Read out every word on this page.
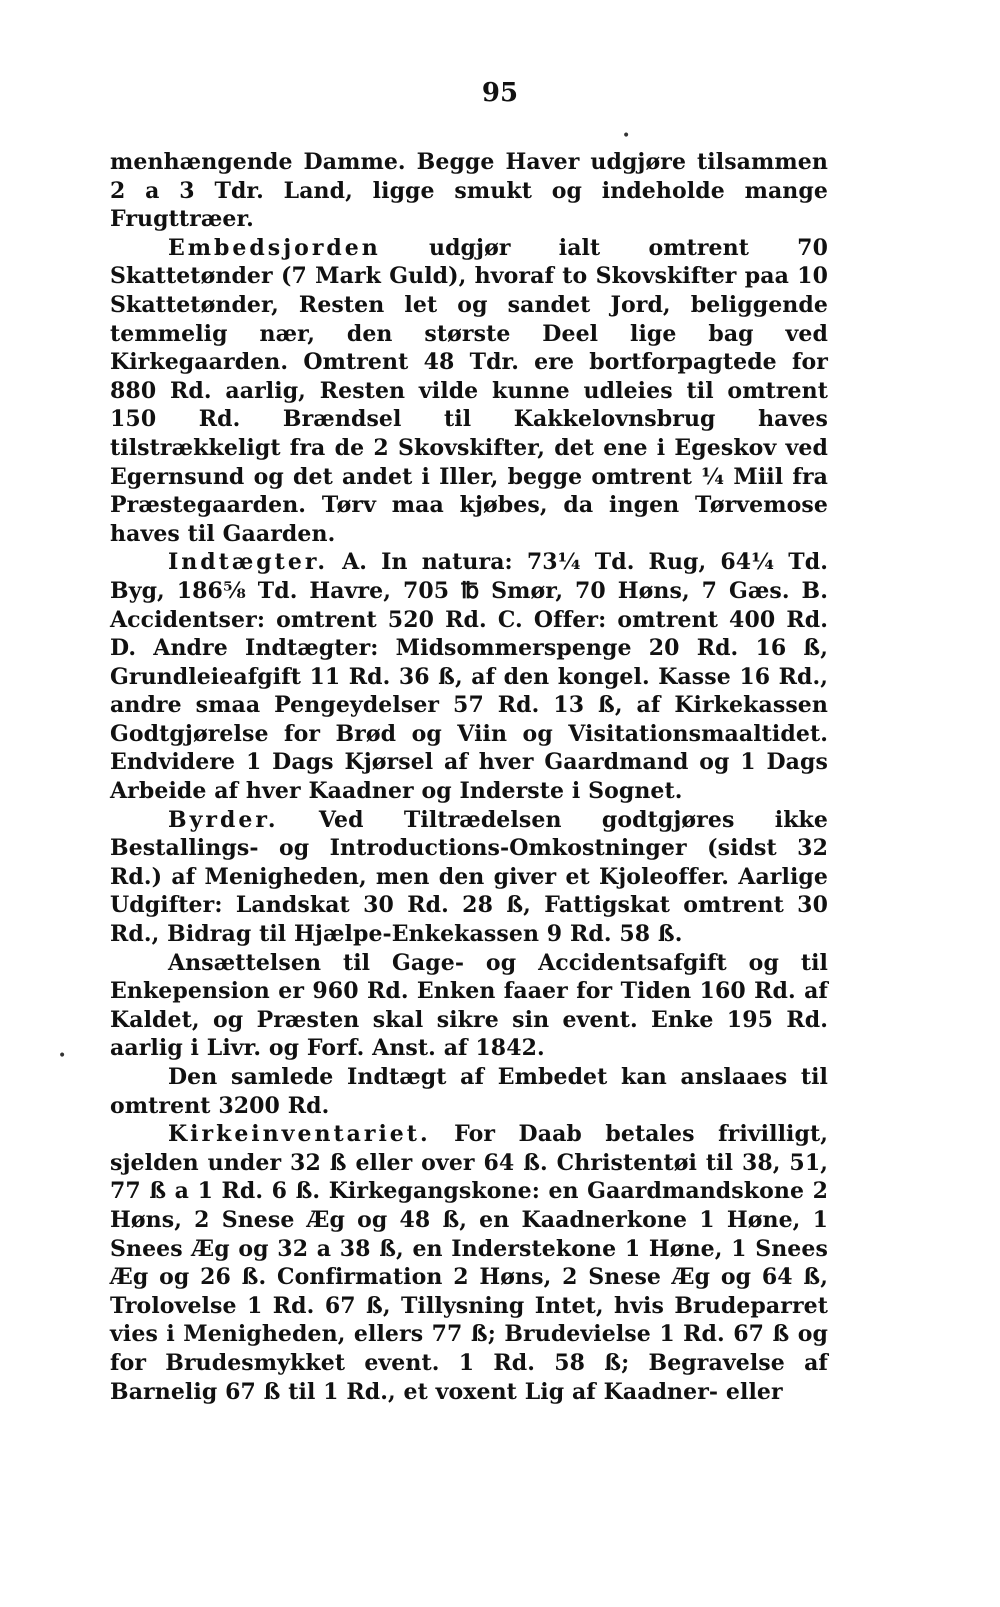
95
•
•

menhængende Damme. Begge Haver udgjøre tilsammen 2 a 3 Tdr. Land, ligge smukt og indeholde mange Frugttræer.

Embedsjorden udgjør ialt omtrent 70 Skattetønder (7 Mark Guld), hvoraf to Skovskifter paa 10 Skattetønder, Resten let og sandet Jord, beliggende temmelig nær, den største Deel lige bag ved Kirkegaarden. Omtrent 48 Tdr. ere bortforpagtede for 880 Rd. aarlig, Resten vilde kunne udleies til omtrent 150 Rd. Brændsel til Kakkelovnsbrug haves tilstrækkeligt fra de 2 Skovskifter, det ene i Egeskov ved Egernsund og det andet i Iller, begge omtrent ¼ Miil fra Præstegaarden. Tørv maa kjøbes, da ingen Tørvemose haves til Gaarden.

Indtægter. A. In natura: 73¼ Td. Rug, 64¼ Td. Byg, 186⅝ Td. Havre, 705 ℔ Smør, 70 Høns, 7 Gæs. B. Accidentser: omtrent 520 Rd. C. Offer: omtrent 400 Rd. D. Andre Indtægter: Midsommerspenge 20 Rd. 16 ß, Grundleieafgift 11 Rd. 36 ß, af den kongel. Kasse 16 Rd., andre smaa Pengeydelser 57 Rd. 13 ß, af Kirkekassen Godtgjørelse for Brød og Viin og Visitationsmaaltidet. Endvidere 1 Dags Kjørsel af hver Gaardmand og 1 Dags Arbeide af hver Kaadner og Inderste i Sognet.

Byrder. Ved Tiltrædelsen godtgjøres ikke Bestallings- og Introductions-Omkostninger (sidst 32 Rd.) af Menigheden, men den giver et Kjoleoffer. Aarlige Udgifter: Landskat 30 Rd. 28 ß, Fattigskat omtrent 30 Rd., Bidrag til Hjælpe-Enkekassen 9 Rd. 58 ß.

Ansættelsen til Gage- og Accidentsafgift og til Enkepension er 960 Rd. Enken faaer for Tiden 160 Rd. af Kaldet, og Præsten skal sikre sin event. Enke 195 Rd. aarlig i Livr. og Forf. Anst. af 1842.

Den samlede Indtægt af Embedet kan anslaaes til omtrent 3200 Rd.

Kirkeinventariet. For Daab betales frivilligt, sjelden under 32 ß eller over 64 ß. Christentøi til 38, 51, 77 ß a 1 Rd. 6 ß. Kirkegangskone: en Gaardmandskone 2 Høns, 2 Snese Æg og 48 ß, en Kaadnerkone 1 Høne, 1 Snees Æg og 32 a 38 ß, en Inderstekone 1 Høne, 1 Snees Æg og 26 ß. Confirmation 2 Høns, 2 Snese Æg og 64 ß, Trolovelse 1 Rd. 67 ß, Tillysning Intet, hvis Brudeparret vies i Menigheden, ellers 77 ß; Brudevielse 1 Rd. 67 ß og for Brudesmykket event. 1 Rd. 58 ß; Begravelse af Barnelig 67 ß til 1 Rd., et voxent Lig af Kaadner- eller
